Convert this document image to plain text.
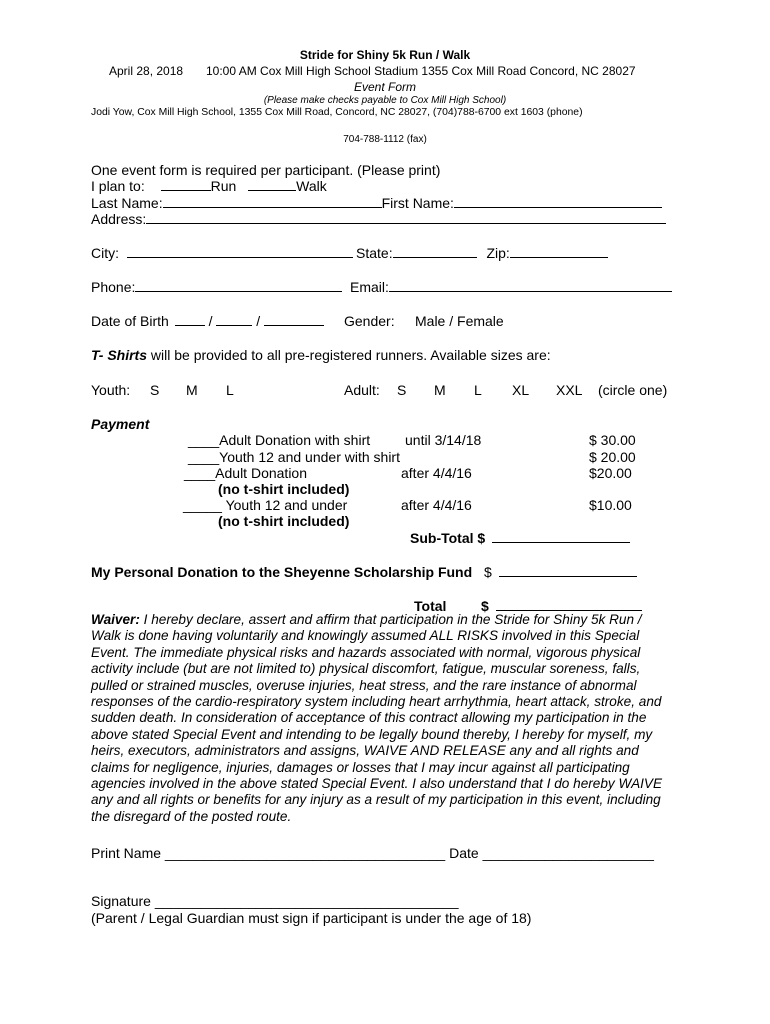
Stride for Shiny 5k Run / Walk
April 28, 2018 10:00 AM Cox Mill High School Stadium 1355 Cox Mill Road Concord, NC 28027
Event Form
(Please make checks payable to Cox Mill High School)
Jodi Yow, Cox Mill High School, 1355 Cox Mill Road, Concord, NC 28027, (704)788-6700 ext 1603 (phone)
704-788-1112 (fax)
One event form is required per participant. (Please print)
I plan to:	Run	Walk
Last Name:	First Name:
Address:
City:	State:	Zip:
Phone:	Email:
Date of Birth	/	/	Gender: Male / Female
T- Shirts will be provided to all pre-registered runners. Available sizes are:
Youth: S M L	Adult: S M L XL XXL (circle one)
Payment
____Adult Donation with shirt until 3/14/18	$ 30.00
____Youth 12 and under with shirt	$ 20.00
____Adult Donation	after 4/4/16	$20.00
(no t-shirt included)
_____ Youth 12 and under	after 4/4/16	$10.00
(no t-shirt included)
Sub-Total $
My Personal Donation to the Sheyenne Scholarship Fund $
Total $
Waiver: I hereby declare, assert and affirm that participation in the Stride for Shiny 5k Run / Walk is done having voluntarily and knowingly assumed ALL RISKS involved in this Special Event. The immediate physical risks and hazards associated with normal, vigorous physical activity include (but are not limited to) physical discomfort, fatigue, muscular soreness, falls, pulled or strained muscles, overuse injuries, heat stress, and the rare instance of abnormal responses of the cardio-respiratory system including heart arrhythmia, heart attack, stroke, and sudden death. In consideration of acceptance of this contract allowing my participation in the above stated Special Event and intending to be legally bound thereby, I hereby for myself, my heirs, executors, administrators and assigns, WAIVE AND RELEASE any and all rights and claims for negligence, injuries, damages or losses that I may incur against all participating agencies involved in the above stated Special Event. I also understand that I do hereby WAIVE any and all rights or benefits for any injury as a result of my participation in this event, including the disregard of the posted route.
Print Name ____________________________________ Date ______________________
Signature _______________________________________
(Parent / Legal Guardian must sign if participant is under the age of 18)
